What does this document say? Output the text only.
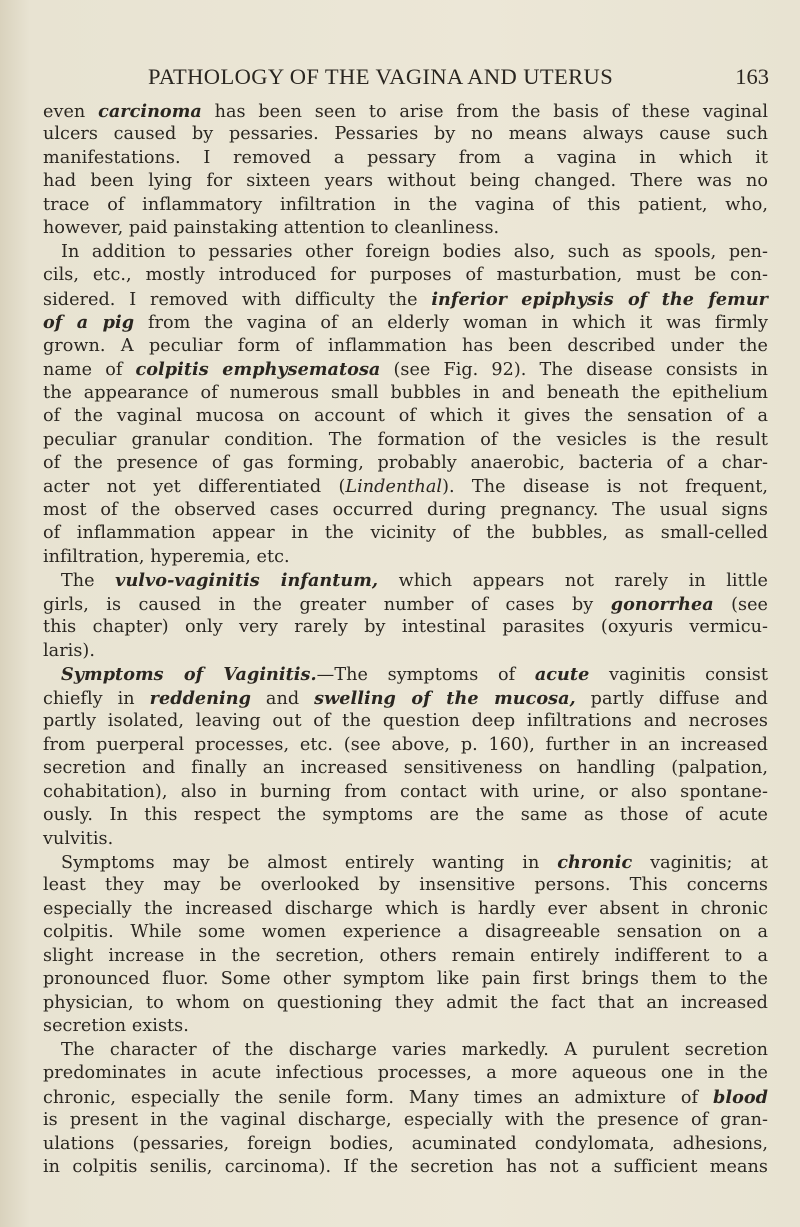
PATHOLOGY OF THE VAGINA AND UTERUS	163
even carcinoma has been seen to arise from the basis of these vaginal
ulcers caused by pessaries. Pessaries by no means always cause such
manifestations. I removed a pessary from a vagina in which it
had been lying for sixteen years without being changed. There was no
trace of inflammatory infiltration in the vagina of this patient, who,
however, paid painstaking attention to cleanliness.
In addition to pessaries other foreign bodies also, such as spools, pen-
cils, etc., mostly introduced for purposes of masturbation, must be con-
sidered. I removed with difficulty the inferior epiphysis of the femur
of a pig from the vagina of an elderly woman in which it was firmly
grown. A peculiar form of inflammation has been described under the
name of colpitis emphysematosa (see Fig. 92). The disease consists in
the appearance of numerous small bubbles in and beneath the epithelium
of the vaginal mucosa on account of which it gives the sensation of a
peculiar granular condition. The formation of the vesicles is the result
of the presence of gas forming, probably anaerobic, bacteria of a char-
acter not yet differentiated (Lindenthal). The disease is not frequent,
most of the observed cases occurred during pregnancy. The usual signs
of inflammation appear in the vicinity of the bubbles, as small-celled
infiltration, hyperemia, etc.
The vulvo-vaginitis infantum, which appears not rarely in little
girls, is caused in the greater number of cases by gonorrhea (see
this chapter) only very rarely by intestinal parasites (oxyuris vermicu-
laris).
Symptoms of Vaginitis.—The symptoms of acute vaginitis consist
chiefly in reddening and swelling of the mucosa, partly diffuse and
partly isolated, leaving out of the question deep infiltrations and necroses
from puerperal processes, etc. (see above, p. 160), further in an increased
secretion and finally an increased sensitiveness on handling (palpation,
cohabitation), also in burning from contact with urine, or also spontane-
ously. In this respect the symptoms are the same as those of acute
vulvitis.
Symptoms may be almost entirely wanting in chronic vaginitis; at
least they may be overlooked by insensitive persons. This concerns
especially the increased discharge which is hardly ever absent in chronic
colpitis. While some women experience a disagreeable sensation on a
slight increase in the secretion, others remain entirely indifferent to a
pronounced fluor. Some other symptom like pain first brings them to the
physician, to whom on questioning they admit the fact that an increased
secretion exists.
The character of the discharge varies markedly. A purulent secretion
predominates in acute infectious processes, a more aqueous one in the
chronic, especially the senile form. Many times an admixture of blood
is present in the vaginal discharge, especially with the presence of gran-
ulations (pessaries, foreign bodies, acuminated condylomata, adhesions,
in colpitis senilis, carcinoma). If the secretion has not a sufficient means
